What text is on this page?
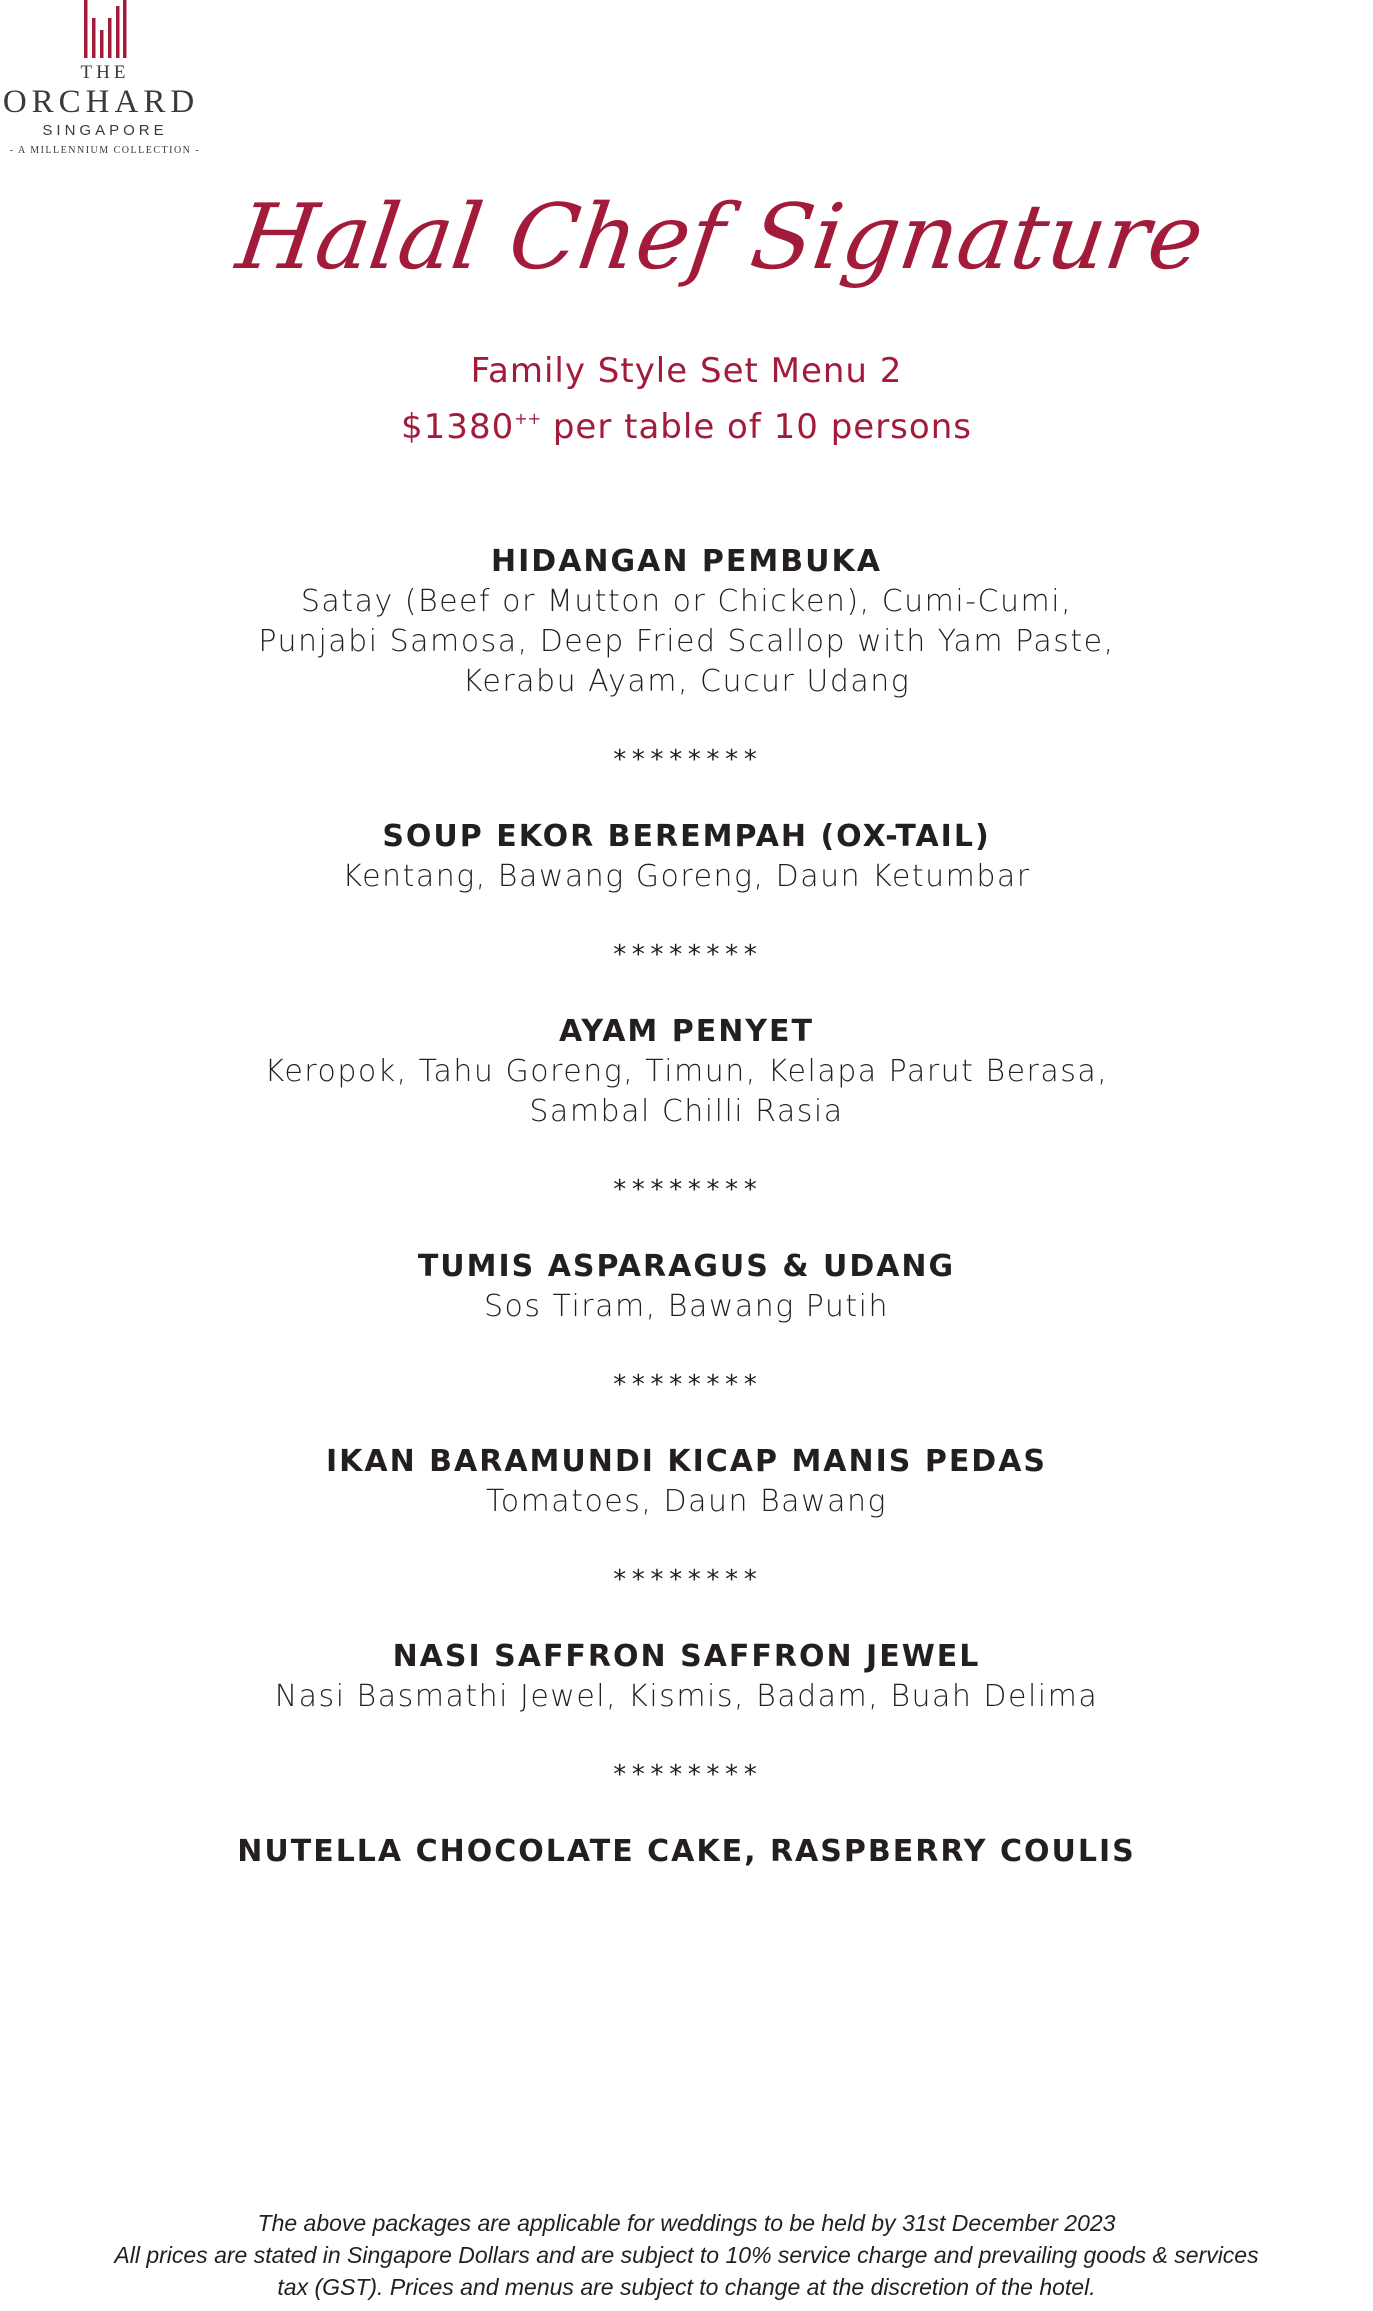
THE
ORCHARD
SINGAPORE
- A MILLENNIUM COLLECTION -
Halal Chef Signature
Family Style Set Menu 2
$1380++ per table of 10 persons
HIDANGAN PEMBUKA
Satay (Beef or Mutton or Chicken), Cumi-Cumi,
Punjabi Samosa, Deep Fried Scallop with Yam Paste,
Kerabu Ayam, Cucur Udang
********
SOUP EKOR BEREMPAH (OX-TAIL)
Kentang, Bawang Goreng, Daun Ketumbar
********
AYAM PENYET
Keropok, Tahu Goreng, Timun, Kelapa Parut Berasa,
Sambal Chilli Rasia
********
TUMIS ASPARAGUS & UDANG
Sos Tiram, Bawang Putih
********
IKAN BARAMUNDI KICAP MANIS PEDAS
Tomatoes, Daun Bawang
********
NASI SAFFRON SAFFRON JEWEL
Nasi Basmathi Jewel, Kismis, Badam, Buah Delima
********
NUTELLA CHOCOLATE CAKE, RASPBERRY COULIS
The above packages are applicable for weddings to be held by 31st December 2023
All prices are stated in Singapore Dollars and are subject to 10% service charge and prevailing goods & services
tax (GST). Prices and menus are subject to change at the discretion of the hotel.
